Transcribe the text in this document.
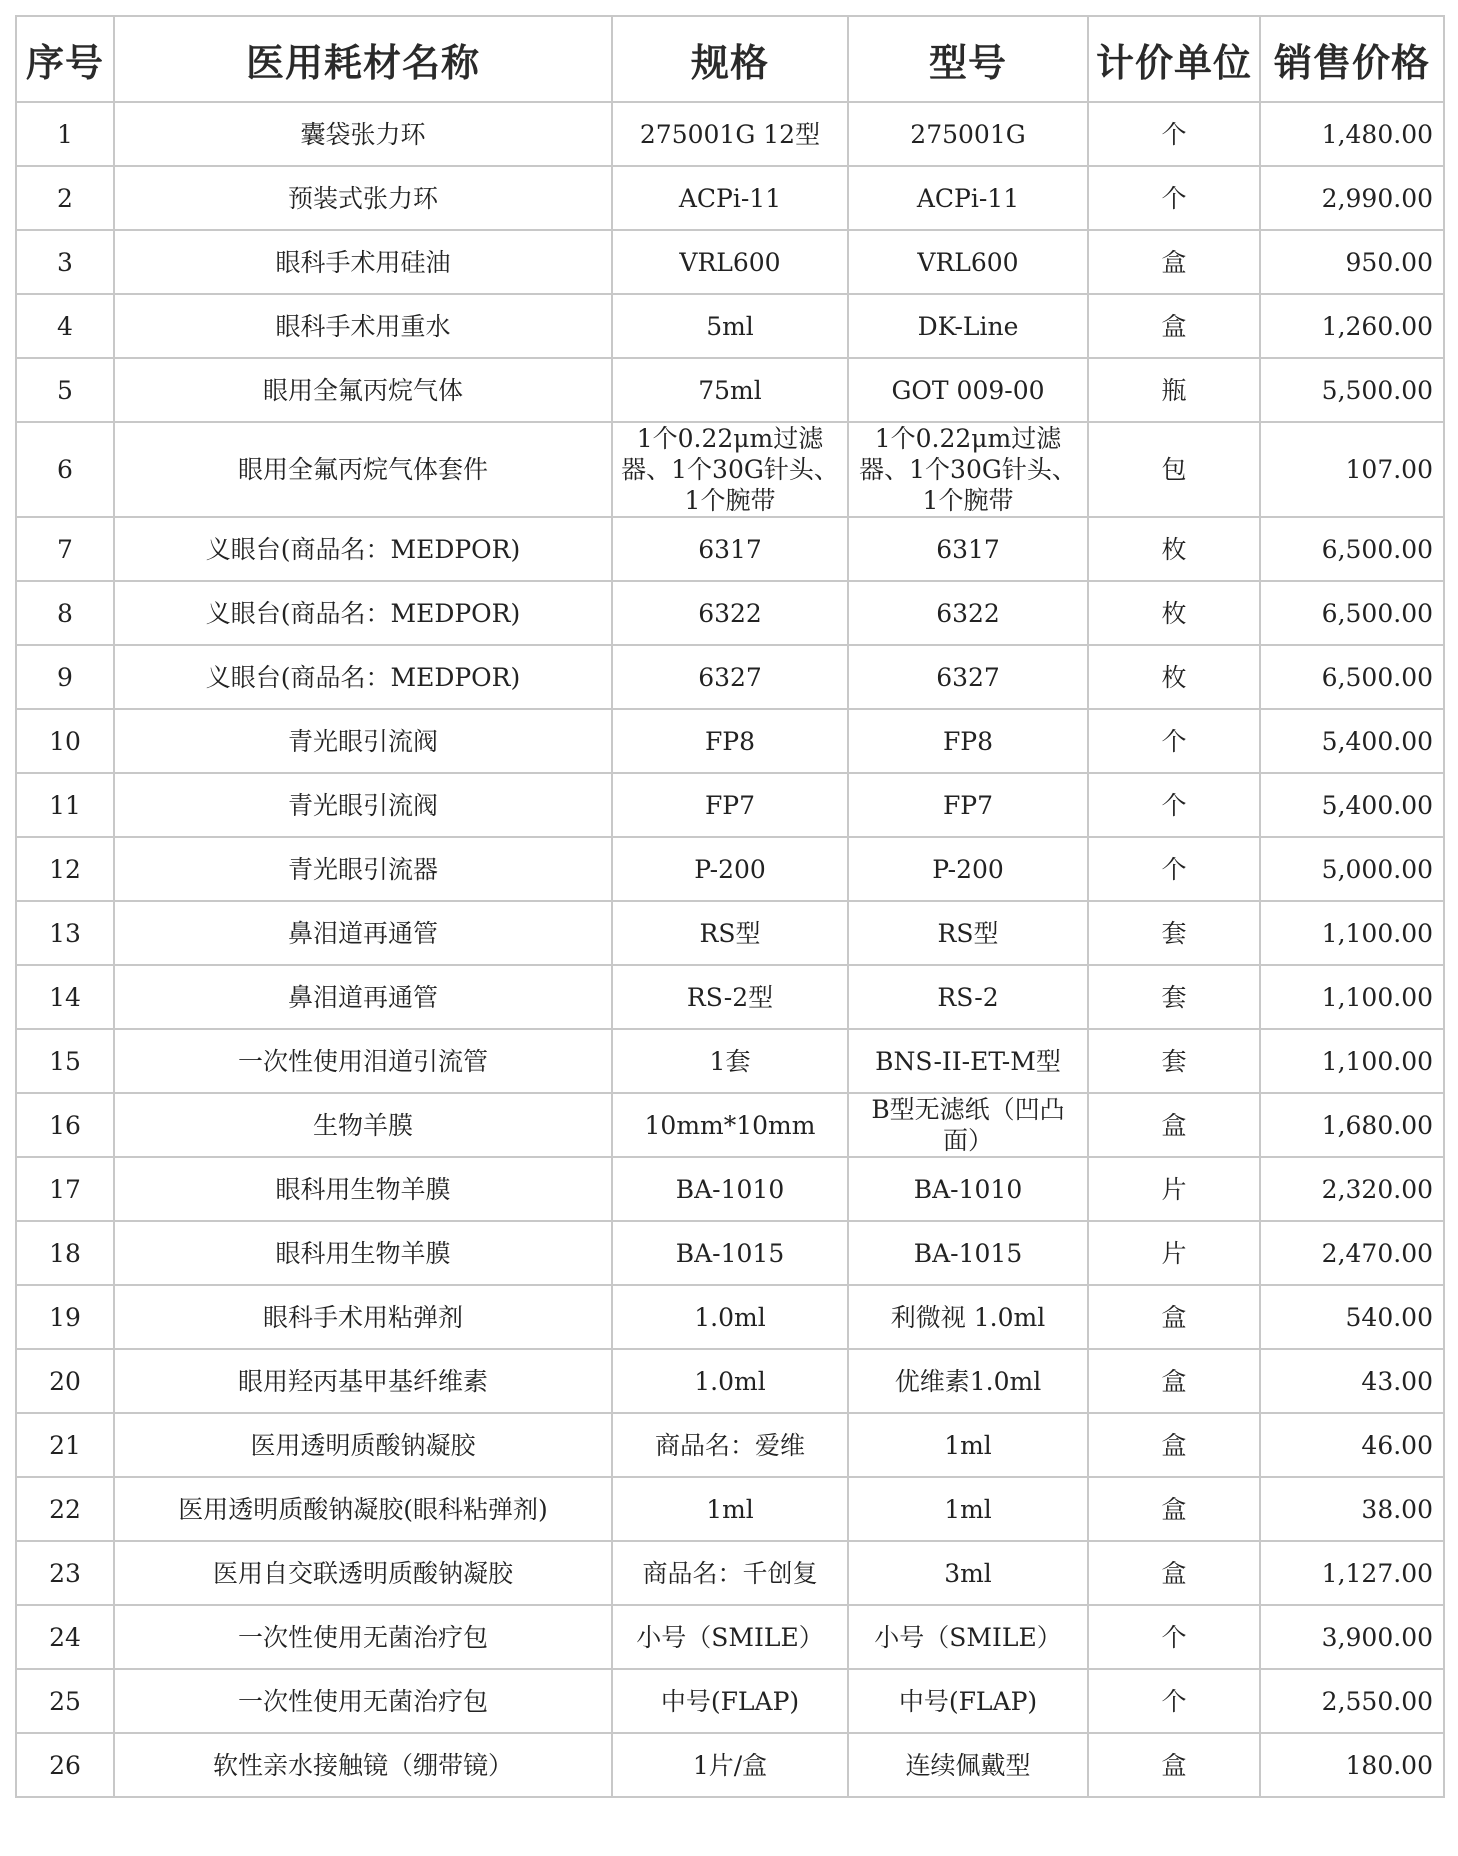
序号	医用耗材名称	规格	型号	计价单位	销售价格
1	囊袋张力环	275001G 12型	275001G	个	1,480.00
2	预装式张力环	ACPi-11	ACPi-11	个	2,990.00
3	眼科手术用硅油	VRL600	VRL600	盒	950.00
4	眼科手术用重水	5ml	DK-Line	盒	1,260.00
5	眼用全氟丙烷气体	75ml	GOT 009-00	瓶	5,500.00
6	眼用全氟丙烷气体套件	1个0.22μm过滤器、1个30G针头、1个腕带	1个0.22μm过滤器、1个30G针头、1个腕带	包	107.00
7	义眼台(商品名：MEDPOR)	6317	6317	枚	6,500.00
8	义眼台(商品名：MEDPOR)	6322	6322	枚	6,500.00
9	义眼台(商品名：MEDPOR)	6327	6327	枚	6,500.00
10	青光眼引流阀	FP8	FP8	个	5,400.00
11	青光眼引流阀	FP7	FP7	个	5,400.00
12	青光眼引流器	P-200	P-200	个	5,000.00
13	鼻泪道再通管	RS型	RS型	套	1,100.00
14	鼻泪道再通管	RS-2型	RS-2	套	1,100.00
15	一次性使用泪道引流管	1套	BNS-II-ET-M型	套	1,100.00
16	生物羊膜	10mm*10mm	B型无滤纸（凹凸面）	盒	1,680.00
17	眼科用生物羊膜	BA-1010	BA-1010	片	2,320.00
18	眼科用生物羊膜	BA-1015	BA-1015	片	2,470.00
19	眼科手术用粘弹剂	1.0ml	利微视 1.0ml	盒	540.00
20	眼用羟丙基甲基纤维素	1.0ml	优维素1.0ml	盒	43.00
21	医用透明质酸钠凝胶	商品名：爱维	1ml	盒	46.00
22	医用透明质酸钠凝胶(眼科粘弹剂)	1ml	1ml	盒	38.00
23	医用自交联透明质酸钠凝胶	商品名：千创复	3ml	盒	1,127.00
24	一次性使用无菌治疗包	小号（SMILE）	小号（SMILE）	个	3,900.00
25	一次性使用无菌治疗包	中号(FLAP)	中号(FLAP)	个	2,550.00
26	软性亲水接触镜（绷带镜）	1片/盒	连续佩戴型	盒	180.00
